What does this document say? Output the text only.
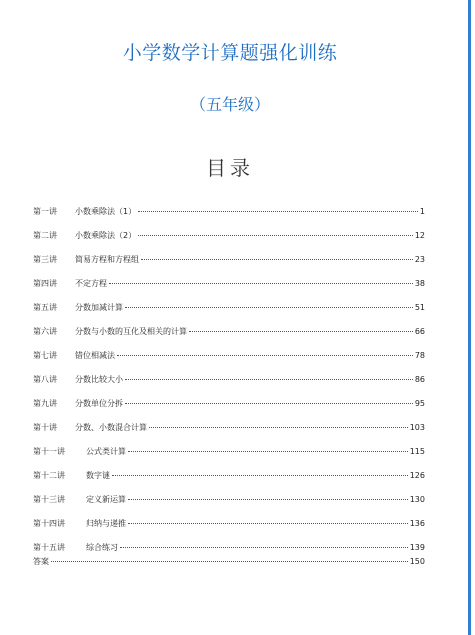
小学数学计算题强化训练
（五年级）
目录
第一讲	小数乘除法（1）	1
第二讲	小数乘除法（2）	12
第三讲	简易方程和方程组	23
第四讲	不定方程	38
第五讲	分数加减计算	51
第六讲	分数与小数的互化及相关的计算	66
第七讲	错位相减法	78
第八讲	分数比较大小	86
第九讲	分数单位分拆	95
第十讲	分数、小数混合计算	103
第十一讲	公式类计算	115
第十二讲	数字谜	126
第十三讲	定义新运算	130
第十四讲	归纳与递推	136
第十五讲	综合练习	139
答案	150
